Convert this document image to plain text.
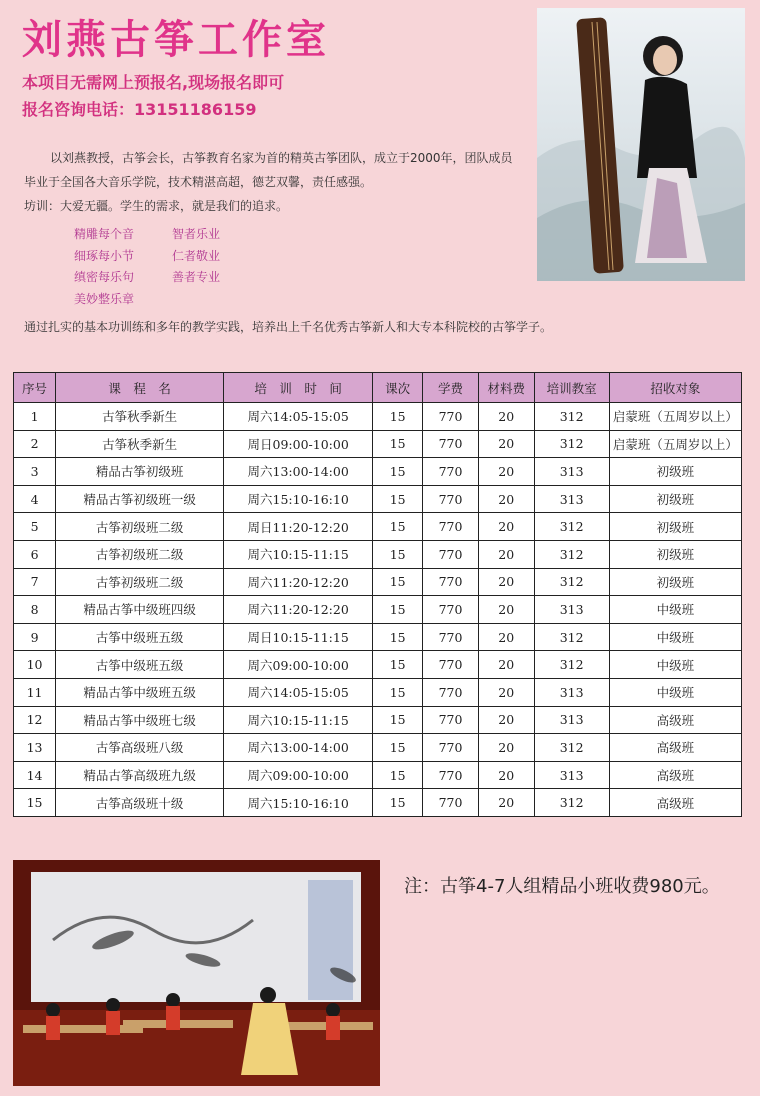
刘燕古筝工作室
本项目无需网上预报名,现场报名即可
报名咨询电话：13151186159

以刘燕教授，古筝会长，古筝教育名家为首的精英古筝团队，成立于2000年，团队成员毕业于全国各大音乐学院，技术精湛高超，德艺双馨，责任感强。

坊训：大爱无疆。学生的需求，就是我们的追求。

精雕每个音
细琢每小节
缜密每乐句
美妙整乐章
智者乐业
仁者敬业
善者专业
通过扎实的基本功训练和多年的教学实践，培养出上千名优秀古筝新人和大专本科院校的古筝学子。
序号	课　程　名	培　训　时　间	课次	学费	材料费	培训教室	招收对象
1	古筝秋季新生	周六14:05-15:05	15	770	20	312	启蒙班（五周岁以上）
2	古筝秋季新生	周日09:00-10:00	15	770	20	312	启蒙班（五周岁以上）
3	精品古筝初级班	周六13:00-14:00	15	770	20	313	初级班
4	精品古筝初级班一级	周六15:10-16:10	15	770	20	313	初级班
5	古筝初级班二级	周日11:20-12:20	15	770	20	312	初级班
6	古筝初级班二级	周六10:15-11:15	15	770	20	312	初级班
7	古筝初级班二级	周六11:20-12:20	15	770	20	312	初级班
8	精品古筝中级班四级	周六11:20-12:20	15	770	20	313	中级班
9	古筝中级班五级	周日10:15-11:15	15	770	20	312	中级班
10	古筝中级班五级	周六09:00-10:00	15	770	20	312	中级班
11	精品古筝中级班五级	周六14:05-15:05	15	770	20	313	中级班
12	精品古筝中级班七级	周六10:15-11:15	15	770	20	313	高级班
13	古筝高级班八级	周六13:00-14:00	15	770	20	312	高级班
14	精品古筝高级班九级	周六09:00-10:00	15	770	20	313	高级班
15	古筝高级班十级	周六15:10-16:10	15	770	20	312	高级班
注：古筝4-7人组精品小班收费980元。
